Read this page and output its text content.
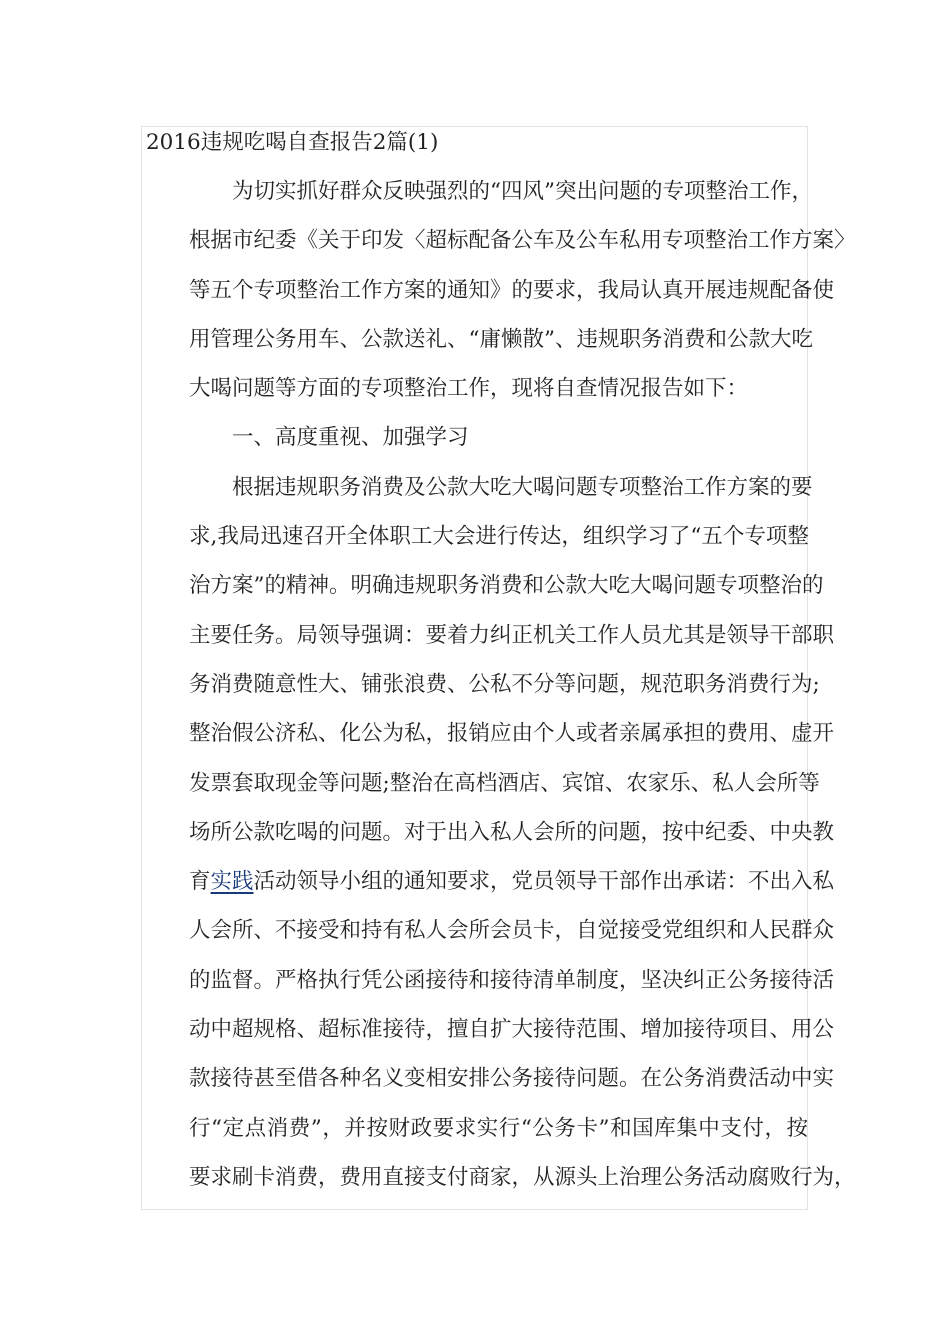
2016违规吃喝自查报告2篇(1)
为切实抓好群众反映强烈的“四风”突出问题的专项整治工作，
根据市纪委《关于印发〈超标配备公车及公车私用专项整治工作方案〉
等五个专项整治工作方案的通知》的要求，我局认真开展违规配备使
用管理公务用车、公款送礼、“庸懒散”、违规职务消费和公款大吃
大喝问题等方面的专项整治工作，现将自查情况报告如下：
一、高度重视、加强学习
根据违规职务消费及公款大吃大喝问题专项整治工作方案的要
求,我局迅速召开全体职工大会进行传达，组织学习了“五个专项整
治方案”的精神。明确违规职务消费和公款大吃大喝问题专项整治的
主要任务。局领导强调：要着力纠正机关工作人员尤其是领导干部职
务消费随意性大、铺张浪费、公私不分等问题，规范职务消费行为;
整治假公济私、化公为私，报销应由个人或者亲属承担的费用、虚开
发票套取现金等问题;整治在高档酒店、宾馆、农家乐、私人会所等
场所公款吃喝的问题。对于出入私人会所的问题，按中纪委、中央教
育实践活动领导小组的通知要求，党员领导干部作出承诺：不出入私
人会所、不接受和持有私人会所会员卡，自觉接受党组织和人民群众
的监督。严格执行凭公函接待和接待清单制度，坚决纠正公务接待活
动中超规格、超标准接待，擅自扩大接待范围、增加接待项目、用公
款接待甚至借各种名义变相安排公务接待问题。在公务消费活动中实
行“定点消费”，并按财政要求实行“公务卡”和国库集中支付，按
要求刷卡消费，费用直接支付商家，从源头上治理公务活动腐败行为，
